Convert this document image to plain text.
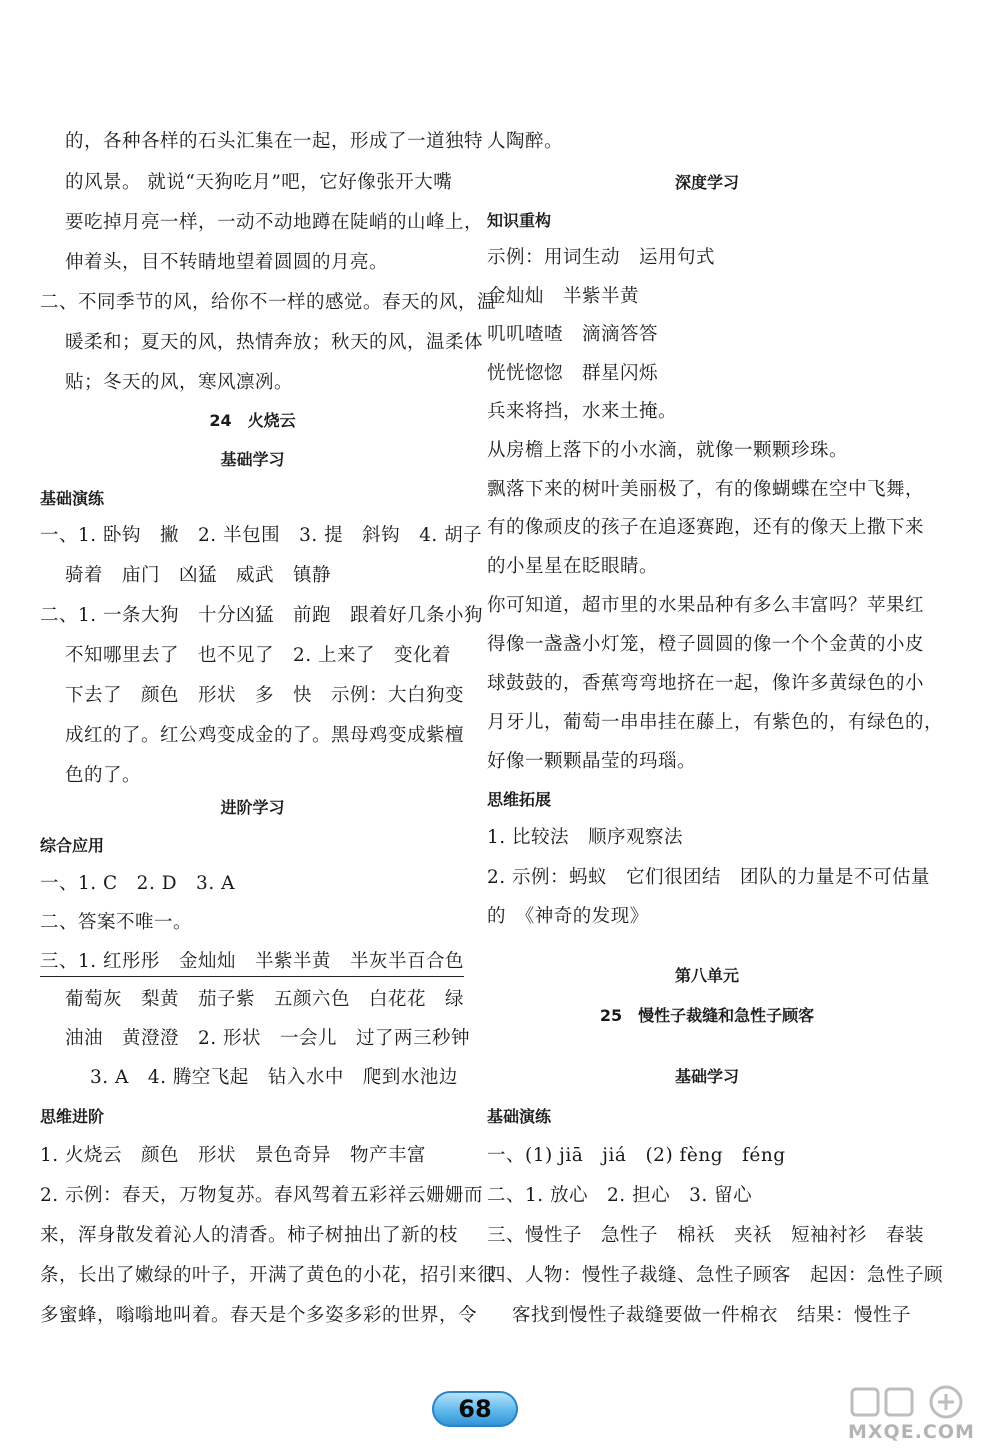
的，各种各样的石头汇集在一起，形成了一道独特
的风景。 就说“天狗吃月”吧，它好像张开大嘴
要吃掉月亮一样，一动不动地蹲在陡峭的山峰上，
伸着头，目不转睛地望着圆圆的月亮。
二、不同季节的风，给你不一样的感觉。春天的风，温
暖柔和；夏天的风，热情奔放；秋天的风，温柔体
贴；冬天的风，寒风凛冽。
24　火烧云
基础学习
基础演练
一、1. 卧钩　撇　2. 半包围　3. 提　斜钩　4. 胡子
骑着　庙门　凶猛　威武　镇静
二、1. 一条大狗　十分凶猛　前跑　跟着好几条小狗
不知哪里去了　也不见了　2. 上来了　变化着
下去了　颜色　形状　多　快　示例：大白狗变
成红的了。红公鸡变成金的了。黑母鸡变成紫檀
色的了。
进阶学习
综合应用
一、1. C　2. D　3. A
二、答案不唯一。
三、1. 红彤彤　金灿灿　半紫半黄　半灰半百合色
葡萄灰　梨黄　茄子紫　五颜六色　白花花　绿
油油　黄澄澄　2. 形状　一会儿　过了两三秒钟
3. A　4. 腾空飞起　钻入水中　爬到水池边
思维进阶
1. 火烧云　颜色　形状　景色奇异　物产丰富
2. 示例：春天，万物复苏。春风驾着五彩祥云姗姗而
来，浑身散发着沁人的清香。柿子树抽出了新的枝
条，长出了嫩绿的叶子，开满了黄色的小花，招引来很
多蜜蜂，嗡嗡地叫着。春天是个多姿多彩的世界，令
人陶醉。
深度学习
知识重构
示例：用词生动　运用句式
金灿灿　半紫半黄
叽叽喳喳　滴滴答答
恍恍惚惚　群星闪烁
兵来将挡，水来土掩。
从房檐上落下的小水滴，就像一颗颗珍珠。
飘落下来的树叶美丽极了，有的像蝴蝶在空中飞舞，
有的像顽皮的孩子在追逐赛跑，还有的像天上撒下来
的小星星在眨眼睛。
你可知道，超市里的水果品种有多么丰富吗？苹果红
得像一盏盏小灯笼，橙子圆圆的像一个个金黄的小皮
球鼓鼓的，香蕉弯弯地挤在一起，像许多黄绿色的小
月牙儿，葡萄一串串挂在藤上，有紫色的，有绿色的，
好像一颗颗晶莹的玛瑙。
思维拓展
1. 比较法　顺序观察法
2. 示例：蚂蚁　它们很团结　团队的力量是不可估量
的　《神奇的发现》
第八单元
25　慢性子裁缝和急性子顾客
基础学习
基础演练
一、(1) jiā　jiá　(2) fèng　féng
二、1. 放心　2. 担心　3. 留心
三、慢性子　急性子　棉袄　夹袄　短袖衬衫　春装
四、人物：慢性子裁缝、急性子顾客　起因：急性子顾
客找到慢性子裁缝要做一件棉衣　结果：慢性子
68
MXQE.COM
